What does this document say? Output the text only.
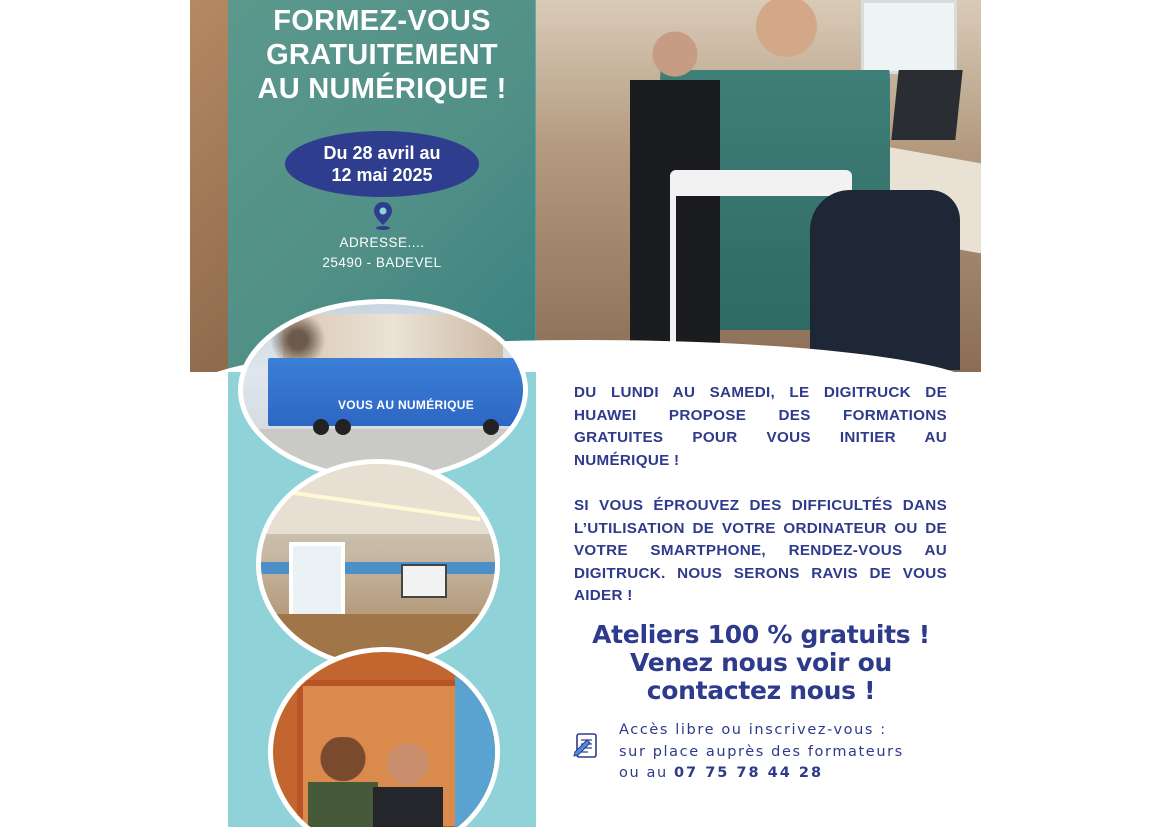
FORMEZ-VOUS
GRATUITEMENT
AU NUMÉRIQUE !
Du 28 avril au
12 mai 2025
ADRESSE....
25490 - BADEVEL
VOUS AU NUMÉRIQUE

DU LUNDI AU SAMEDI, LE DIGITRUCK DE HUAWEI PROPOSE DES FORMATIONS GRATUITES POUR VOUS INITIER AU NUMÉRIQUE !

SI VOUS ÉPROUVEZ DES DIFFICULTÉS DANS L’UTILISATION DE VOTRE ORDINATEUR OU DE VOTRE SMARTPHONE, RENDEZ-VOUS AU DIGITRUCK. NOUS SERONS RAVIS DE VOUS AIDER !

Ateliers 100 % gratuits !
Venez nous voir ou
contactez nous !
Accès libre ou inscrivez-vous :
sur place auprès des formateurs
ou au 07 75 78 44 28
